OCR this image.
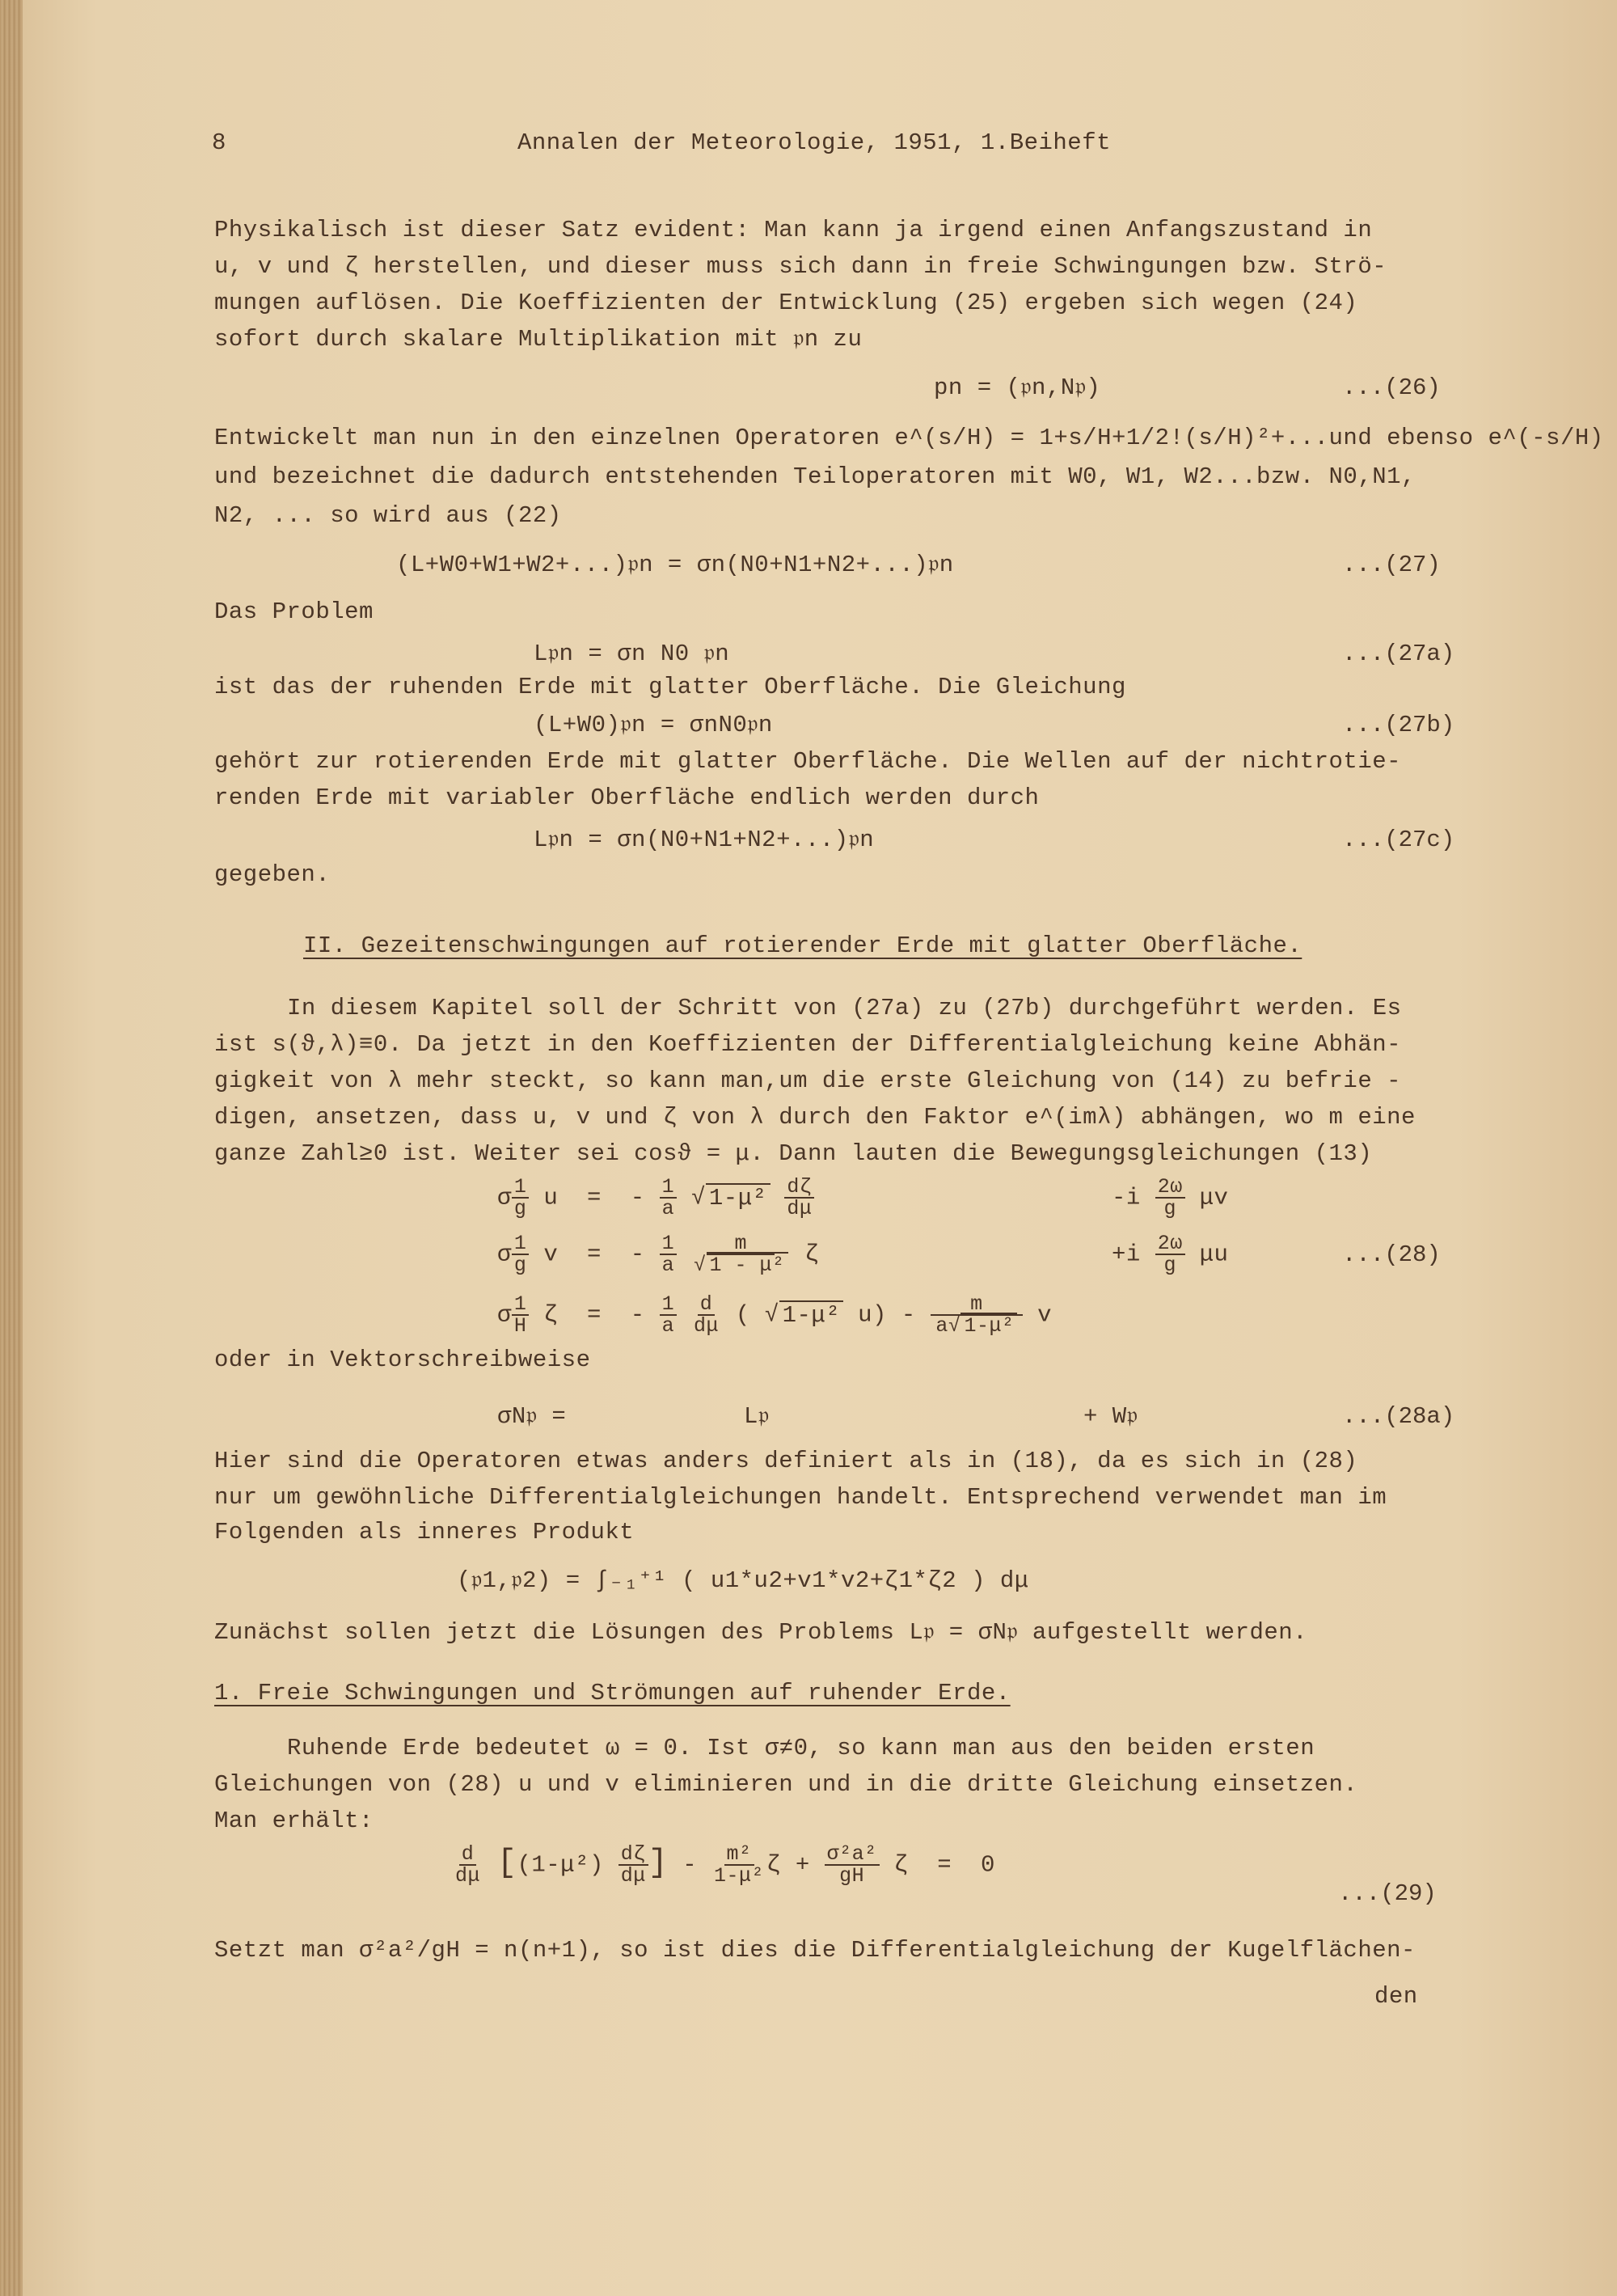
8	Annalen der Meteorologie, 1951, 1.Beiheft
Physikalisch ist dieser Satz evident: Man kann ja irgend einen Anfangszustand in
u, v und ζ herstellen, und dieser muss sich dann in freie Schwingungen bzw. Strö-
mungen auflösen. Die Koeffizienten der Entwicklung (25) ergeben sich wegen (24)
sofort durch skalare Multiplikation mit 𝔭n zu
pn = (𝔭n,N𝔭)	...(26)
Entwickelt man nun in den einzelnen Operatoren e^(s/H) = 1+s/H+1/2!(s/H)²+...und ebenso e^(-s/H)
und bezeichnet die dadurch entstehenden Teiloperatoren mit W0, W1, W2...bzw. N0,N1,
N2, ... so wird aus (22)
(L+W0+W1+W2+...)𝔭n = σn(N0+N1+N2+...)𝔭n	...(27)
Das Problem
L𝔭n = σn N0 𝔭n	...(27a)
ist das der ruhenden Erde mit glatter Oberfläche. Die Gleichung
(L+W0)𝔭n = σnN0𝔭n	...(27b)
gehört zur rotierenden Erde mit glatter Oberfläche. Die Wellen auf der nichtrotie-
renden Erde mit variabler Oberfläche endlich werden durch
L𝔭n = σn(N0+N1+N2+...)𝔭n	...(27c)
gegeben.
II. Gezeitenschwingungen auf rotierender Erde mit glatter Oberfläche.
In diesem Kapitel soll der Schritt von (27a) zu (27b) durchgeführt werden. Es
ist s(ϑ,λ)≡0. Da jetzt in den Koeffizienten der Differentialgleichung keine Abhän-
gigkeit von λ mehr steckt, so kann man,um die erste Gleichung von (14) zu befrie -
digen, ansetzen, dass u, v und ζ von λ durch den Faktor e^(imλ) abhängen, wo m eine
ganze Zahl≥0 ist. Weiter sei cosϑ = μ. Dann lauten die Bewegungsgleichungen (13)
σ $\frac{1}{g}$ u  =  - $\frac{1}{a}$ √ $1-\mu^2 \frac{d\zeta}{d\mu}$	$-i \frac{2\omega}{g}$ μv
σ $\frac{1}{g}$ v  =  - $\frac{1}{a}$
$\frac{m}{\text{√ 1 - μ²}}$ ζ	$+i \frac{2\omega}{g}$ μu	...(28)
σ $\frac{1}{H}$ ζ  =  - $\frac{1}{a}$
$\frac{d}{d\mu}$ ( √ 1-μ² $u) - \frac{m}{\text{a√ 1-μ²}}$ v
oder in Vektorschreibweise
σN𝔭 =	L𝔭	+ W𝔭	...(28a)
Hier sind die Operatoren etwas anders definiert als in (18), da es sich in (28)
nur um gewöhnliche Differentialgleichungen handelt. Entsprechend verwendet man im
Folgenden als inneres Produkt
(𝔭1,𝔭2) = ∫₋₁⁺¹ ( u1*u2+v1*v2+ζ1*ζ2 ) dμ
Zunächst sollen jetzt die Lösungen des Problems L𝔭 = σN𝔭 aufgestellt werden.
1. Freie Schwingungen und Strömungen auf ruhender Erde.
Ruhende Erde bedeutet ω = 0. Ist σ≠0, so kann man aus den beiden ersten
Gleichungen von (28) u und v eliminieren und in die dritte Gleichung einsetzen.
Man erhält:
$\frac{d}{d\mu} [(1-\mu^2) \frac{d\zeta}{d\mu}$ ] - $\frac{\text{m²}}{\text{1-μ²}}$ $\zeta + \frac{\text{σ²a²}}{gH}$ ζ  =  0
...(29)
Setzt man σ²a²/gH = n(n+1), so ist dies die Differentialgleichung der Kugelflächen-
den
